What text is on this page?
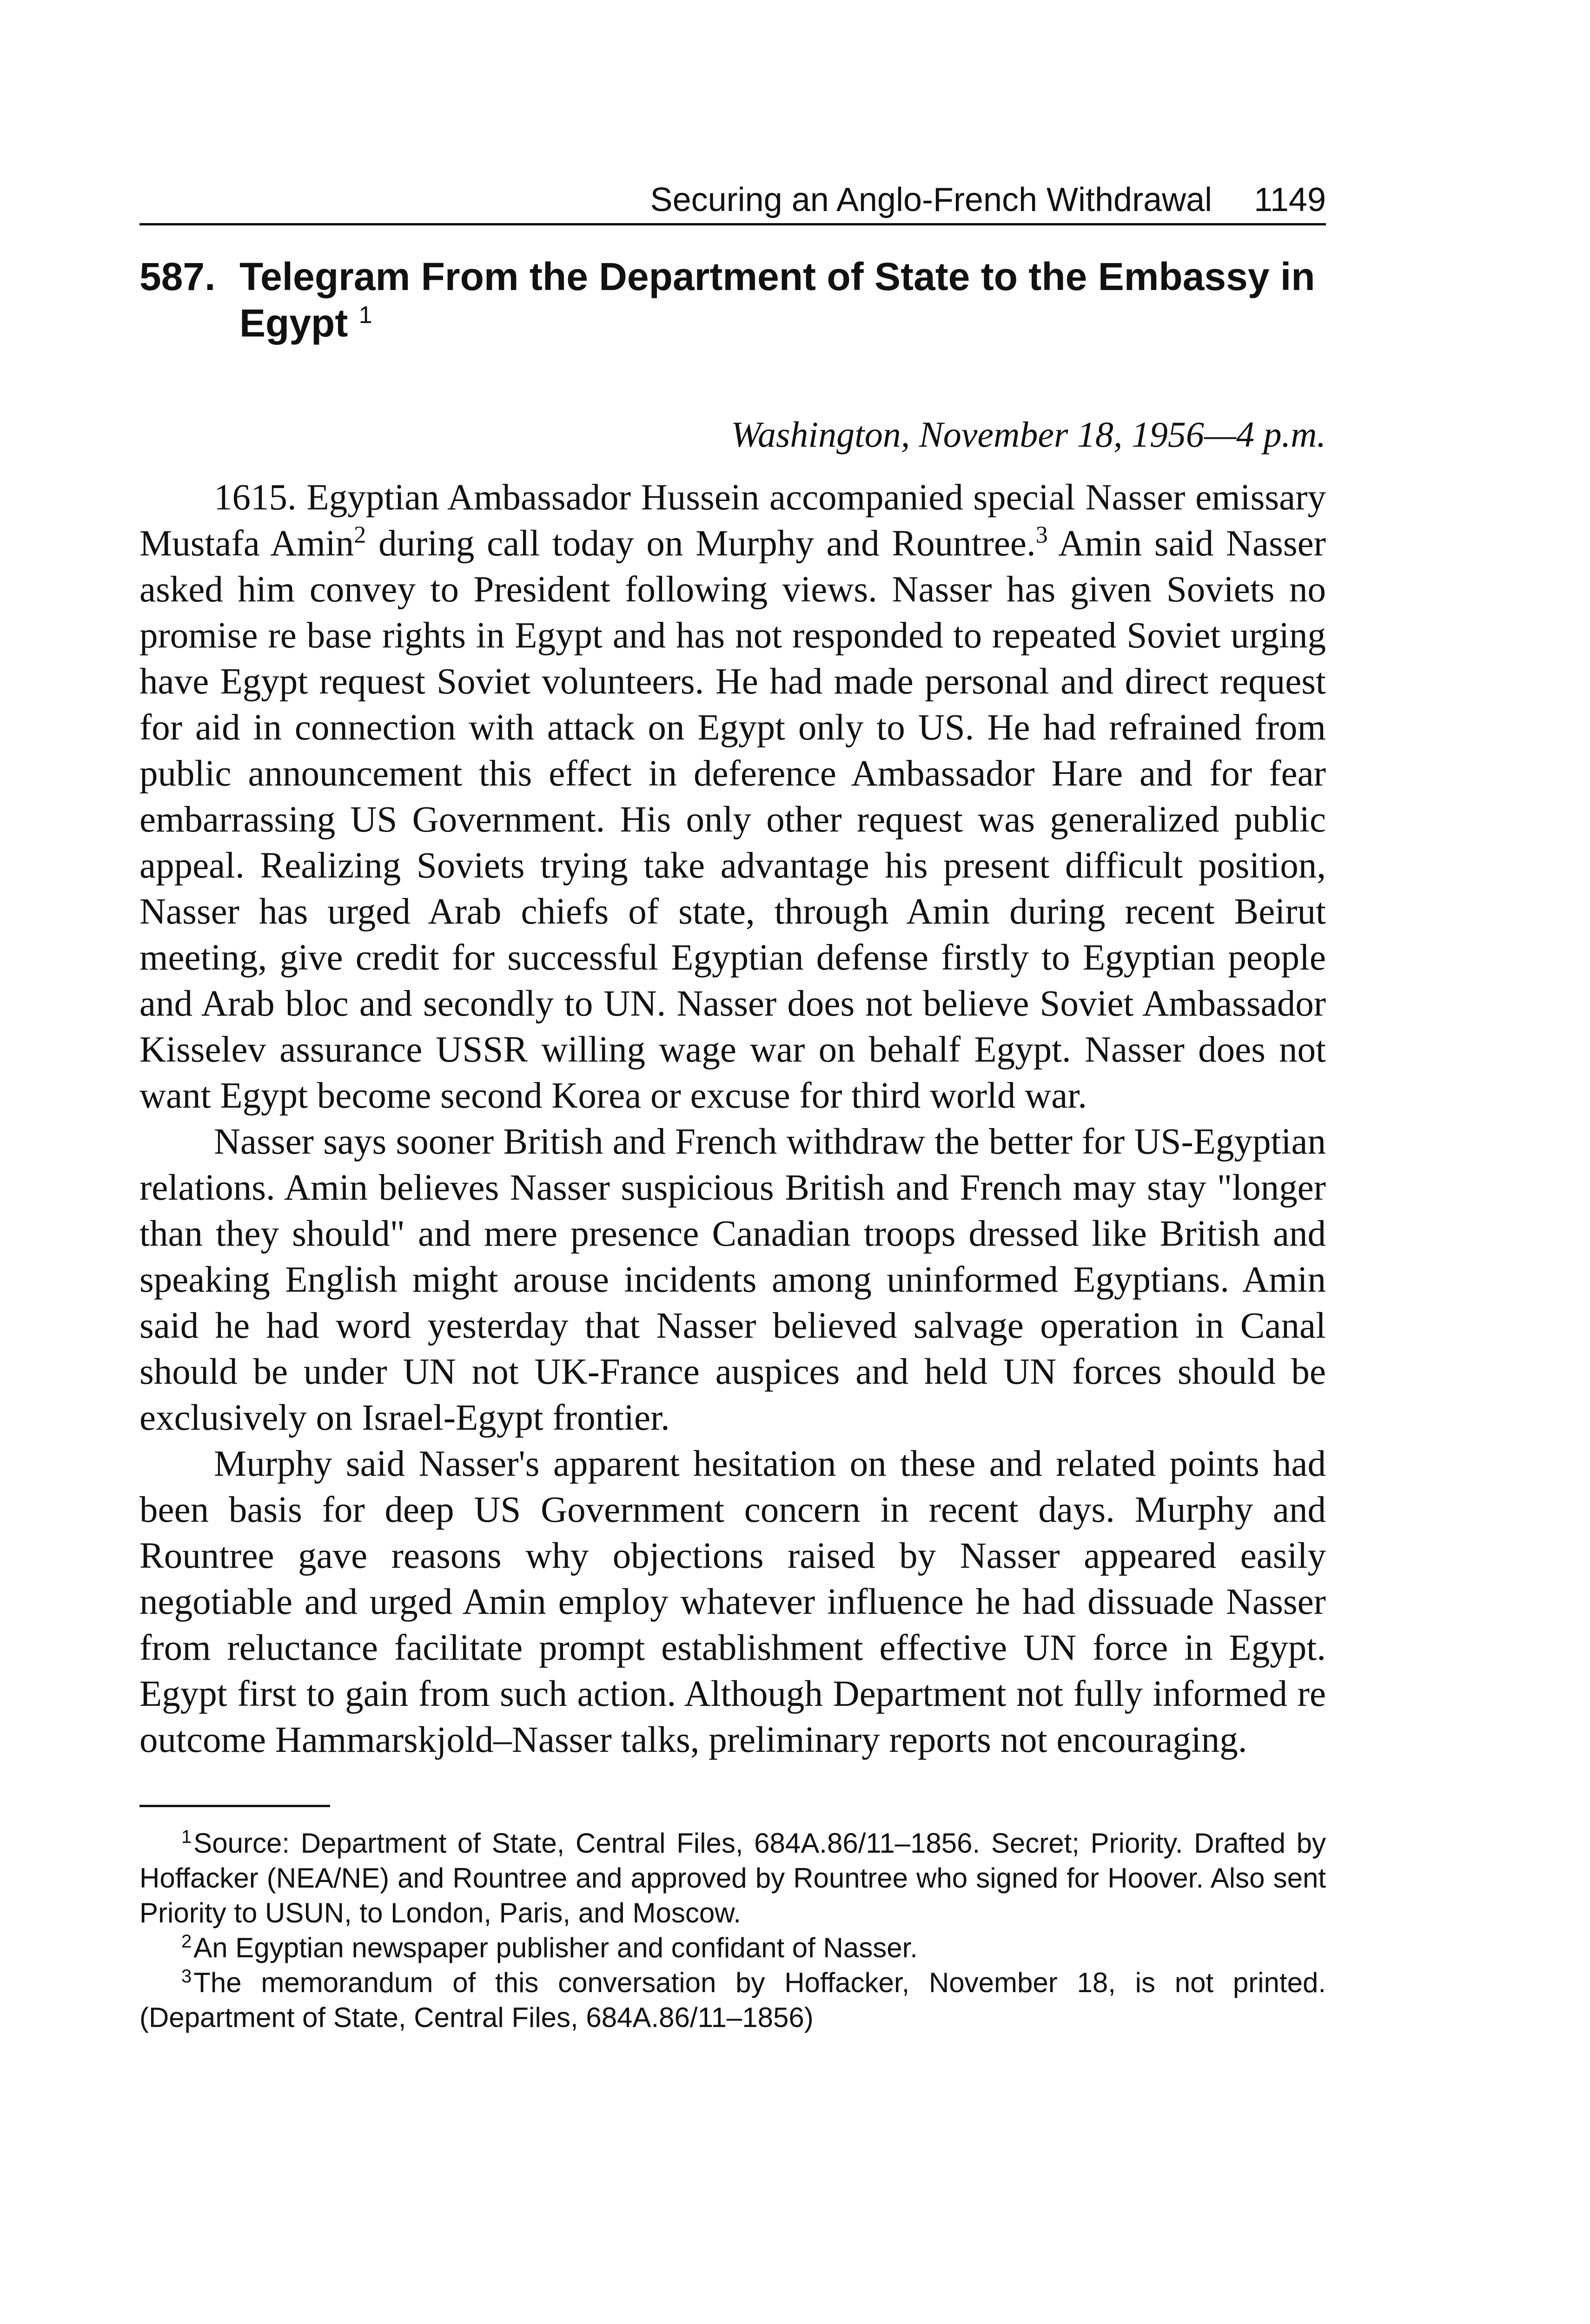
Securing an Anglo-French Withdrawal 1149
587. Telegram From the Department of State to the Embassy in Egypt $^1$
Washington, November 18, 1956—4 p.m.

1615. Egyptian Ambassador Hussein accompanied special Nasser emissary Mustafa Amin$^2$ during call today on Murphy and Rountree.$^3$ Amin said Nasser asked him convey to President following views. Nasser has given Soviets no promise re base rights in Egypt and has not responded to repeated Soviet urging have Egypt request Soviet volunteers. He had made personal and direct request for aid in connection with attack on Egypt only to US. He had refrained from public announcement this effect in deference Ambassador Hare and for fear embarrassing US Government. His only other request was generalized public appeal. Realizing Soviets trying take advantage his present difficult position, Nasser has urged Arab chiefs of state, through Amin during recent Beirut meeting, give credit for successful Egyptian defense firstly to Egyptian people and Arab bloc and secondly to UN. Nasser does not believe Soviet Ambassador Kisselev assurance USSR willing wage war on behalf Egypt. Nasser does not want Egypt become second Korea or excuse for third world war.

Nasser says sooner British and French withdraw the better for US-Egyptian relations. Amin believes Nasser suspicious British and French may stay "longer than they should" and mere presence Canadian troops dressed like British and speaking English might arouse incidents among uninformed Egyptians. Amin said he had word yesterday that Nasser believed salvage operation in Canal should be under UN not UK-France auspices and held UN forces should be exclusively on Israel-Egypt frontier.

Murphy said Nasser's apparent hesitation on these and related points had been basis for deep US Government concern in recent days. Murphy and Rountree gave reasons why objections raised by Nasser appeared easily negotiable and urged Amin employ whatever influence he had dissuade Nasser from reluctance facilitate prompt establishment effective UN force in Egypt. Egypt first to gain from such action. Although Department not fully informed re outcome Hammarskjold–Nasser talks, preliminary reports not encouraging.

$^1$Source: Department of State, Central Files, 684A.86/11–1856. Secret; Priority. Drafted by Hoffacker (NEA/NE) and Rountree and approved by Rountree who signed for Hoover. Also sent Priority to USUN, to London, Paris, and Moscow.

$^2$An Egyptian newspaper publisher and confidant of Nasser.

$^3$The memorandum of this conversation by Hoffacker, November 18, is not printed. (Department of State, Central Files, 684A.86/11–1856)
